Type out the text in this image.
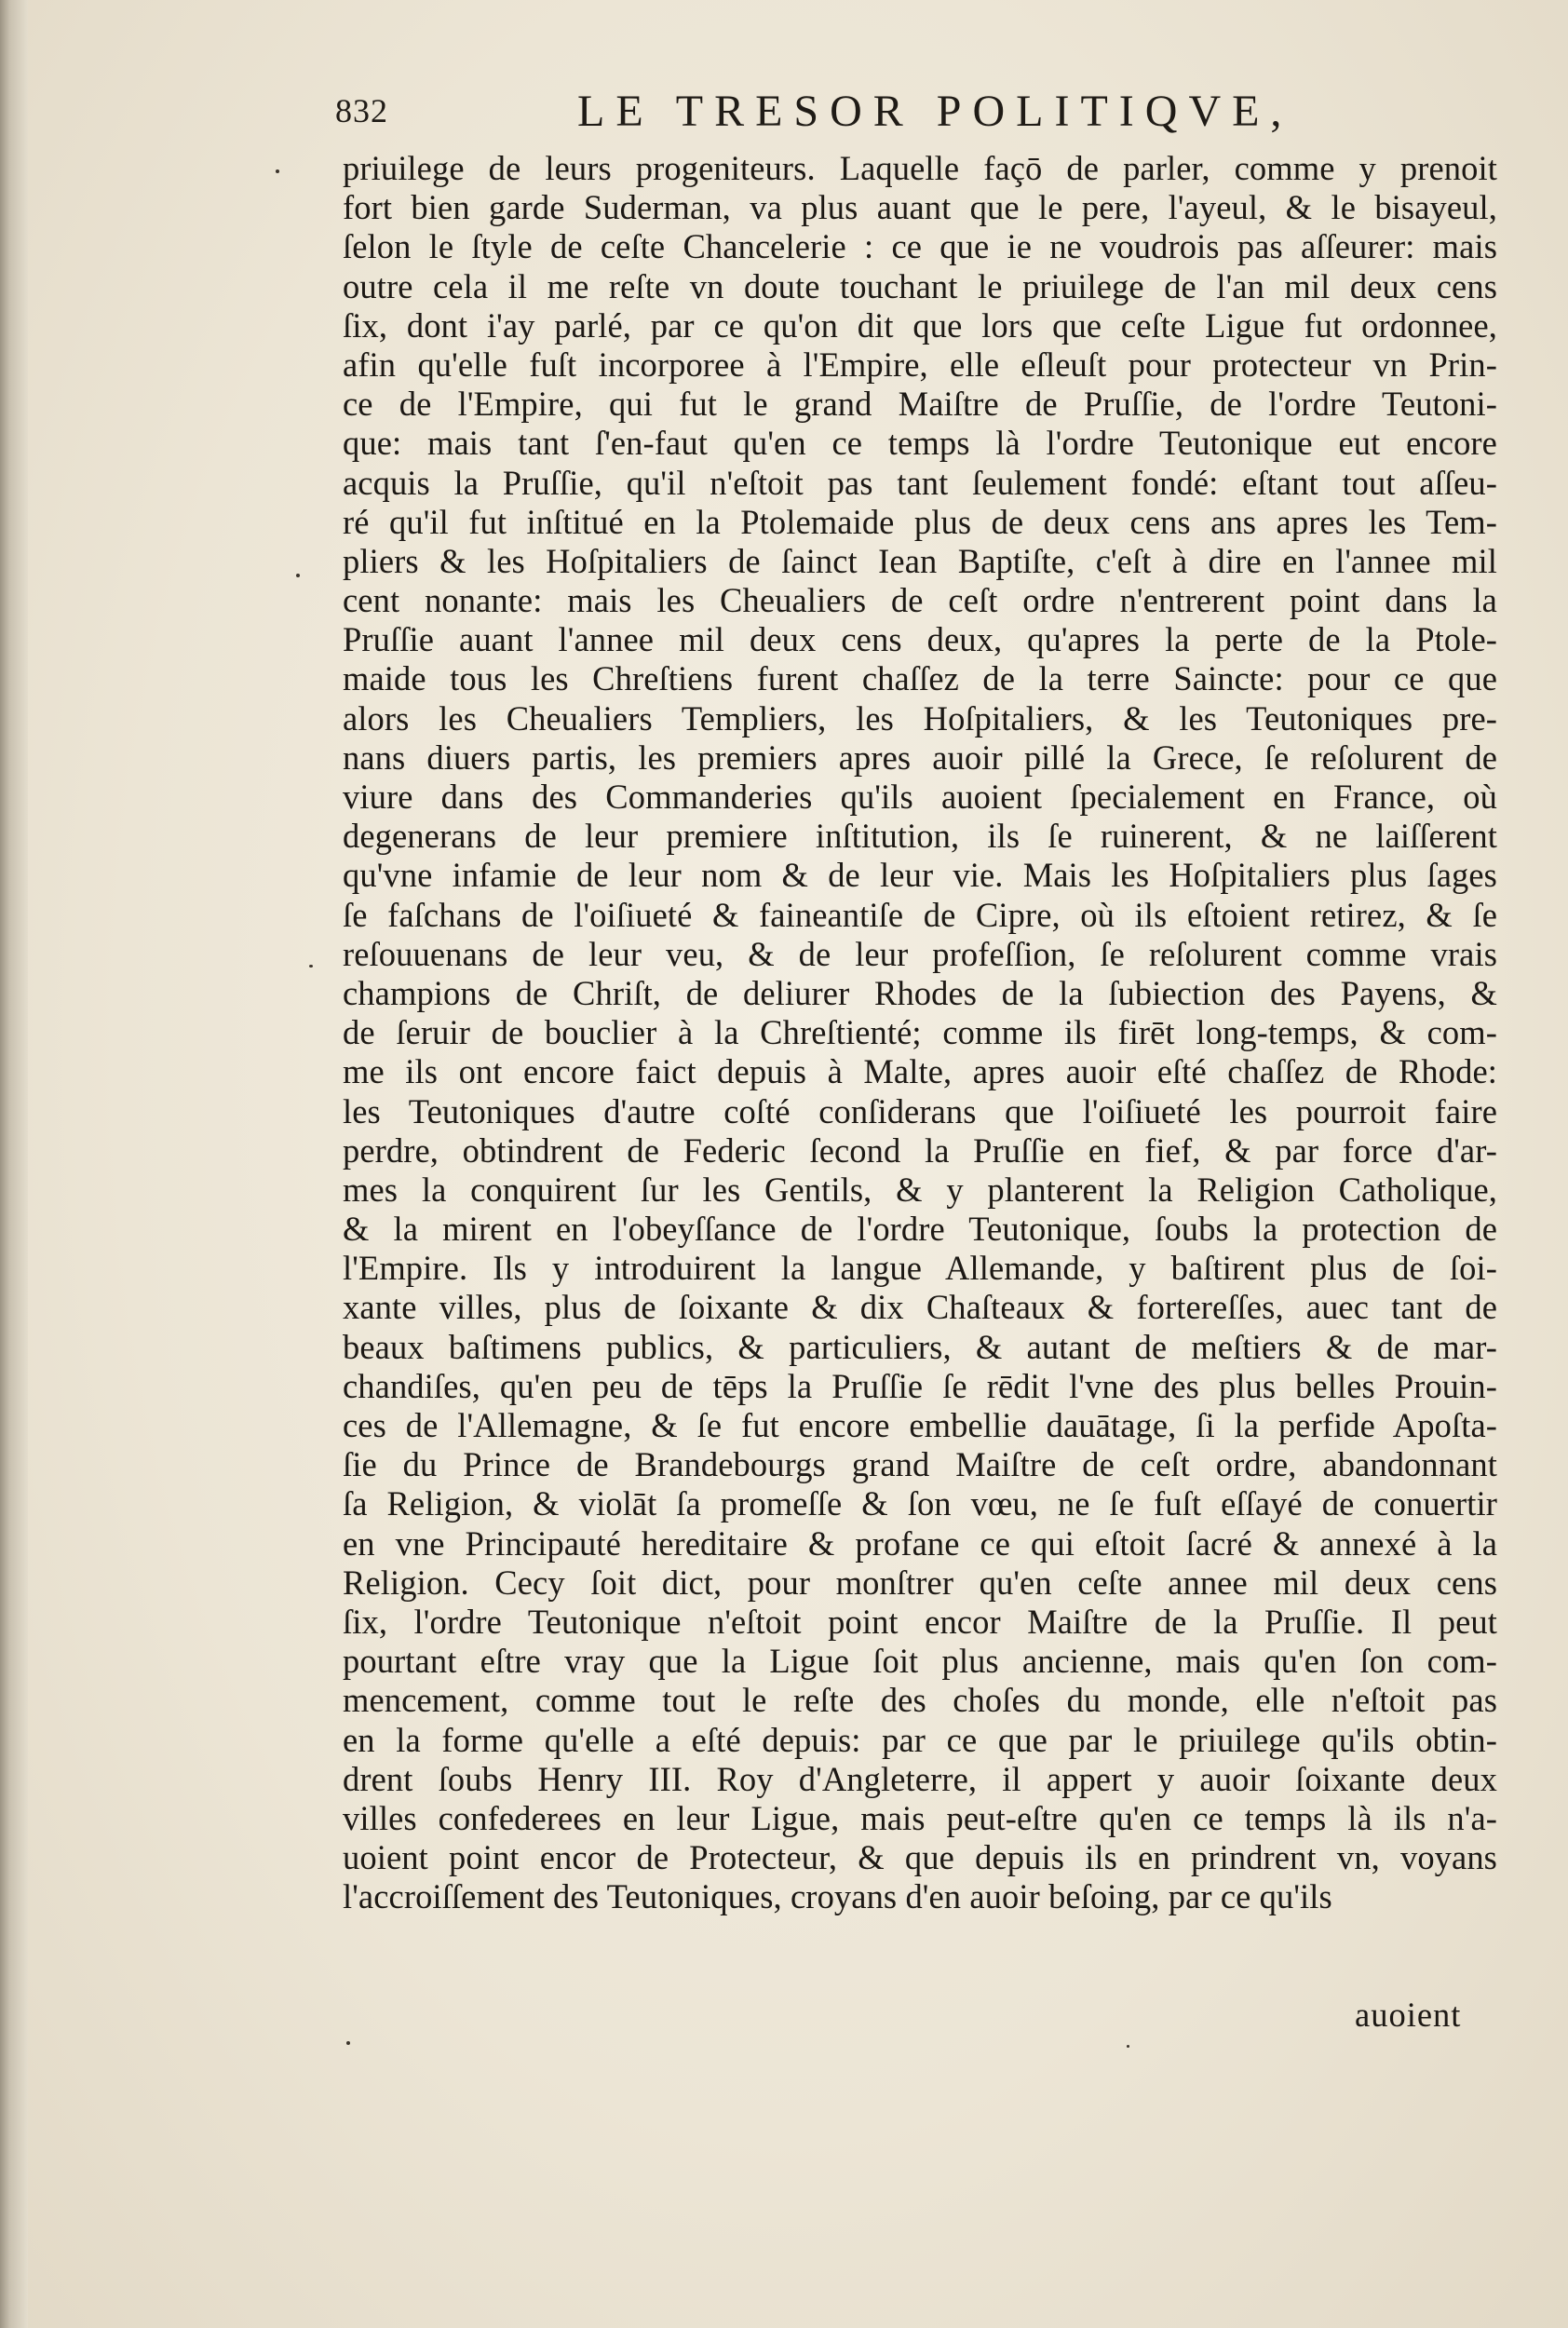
832	LE TRESOR POLITIQVE,
priuilege de leurs progeniteurs. Laquelle façō de parler, comme y prenoit
fort bien garde Suderman, va plus auant que le pere, l'ayeul, & le bisayeul,
ſelon le ſtyle de ceſte Chancelerie : ce que ie ne voudrois pas aſſeurer: mais
outre cela il me reſte vn doute touchant le priuilege de l'an mil deux cens
ſix, dont i'ay parlé, par ce qu'on dit que lors que ceſte Ligue fut ordonnee,
afin qu'elle fuſt incorporee à l'Empire, elle eſleuſt pour protecteur vn Prin-
ce de l'Empire, qui fut le grand Maiſtre de Pruſſie, de l'ordre Teutoni-
que: mais tant ſ'en-faut qu'en ce temps là l'ordre Teutonique eut encore
acquis la Pruſſie, qu'il n'eſtoit pas tant ſeulement fondé: eſtant tout aſſeu-
ré qu'il fut inſtitué en la Ptolemaide plus de deux cens ans apres les Tem-
pliers & les Hoſpitaliers de ſainct Iean Baptiſte, c'eſt à dire en l'annee mil
cent nonante: mais les Cheualiers de ceſt ordre n'entrerent point dans la
Pruſſie auant l'annee mil deux cens deux, qu'apres la perte de la Ptole-
maide tous les Chreſtiens furent chaſſez de la terre Saincte: pour ce que
alors les Cheualiers Templiers, les Hoſpitaliers, & les Teutoniques pre-
nans diuers partis, les premiers apres auoir pillé la Grece, ſe reſolurent de
viure dans des Commanderies qu'ils auoient ſpecialement en France, où
degenerans de leur premiere inſtitution, ils ſe ruinerent, & ne laiſſerent
qu'vne infamie de leur nom & de leur vie. Mais les Hoſpitaliers plus ſages
ſe faſchans de l'oiſiueté & faineantiſe de Cipre, où ils eſtoient retirez, & ſe
reſouuenans de leur veu, & de leur profeſſion, ſe reſolurent comme vrais
champions de Chriſt, de deliurer Rhodes de la ſubiection des Payens, &
de ſeruir de bouclier à la Chreſtienté; comme ils firēt long-temps, & com-
me ils ont encore faict depuis à Malte, apres auoir eſté chaſſez de Rhode:
les Teutoniques d'autre coſté conſiderans que l'oiſiueté les pourroit faire
perdre, obtindrent de Federic ſecond la Pruſſie en fief, & par force d'ar-
mes la conquirent ſur les Gentils, & y planterent la Religion Catholique,
& la mirent en l'obeyſſance de l'ordre Teutonique, ſoubs la protection de
l'Empire. Ils y introduirent la langue Allemande, y baſtirent plus de ſoi-
xante villes, plus de ſoixante & dix Chaſteaux & fortereſſes, auec tant de
beaux baſtimens publics, & particuliers, & autant de meſtiers & de mar-
chandiſes, qu'en peu de tēps la Pruſſie ſe rēdit l'vne des plus belles Prouin-
ces de l'Allemagne, & ſe fut encore embellie dauātage, ſi la perfide Apoſta-
ſie du Prince de Brandebourgs grand Maiſtre de ceſt ordre, abandonnant
ſa Religion, & violāt ſa promeſſe & ſon vœu, ne ſe fuſt eſſayé de conuertir
en vne Principauté hereditaire & profane ce qui eſtoit ſacré & annexé à la
Religion. Cecy ſoit dict, pour monſtrer qu'en ceſte annee mil deux cens
ſix, l'ordre Teutonique n'eſtoit point encor Maiſtre de la Pruſſie. Il peut
pourtant eſtre vray que la Ligue ſoit plus ancienne, mais qu'en ſon com-
mencement, comme tout le reſte des choſes du monde, elle n'eſtoit pas
en la forme qu'elle a eſté depuis: par ce que par le priuilege qu'ils obtin-
drent ſoubs Henry III. Roy d'Angleterre, il appert y auoir ſoixante deux
villes confederees en leur Ligue, mais peut-eſtre qu'en ce temps là ils n'a-
uoient point encor de Protecteur, & que depuis ils en prindrent vn, voyans
l'accroiſſement des Teutoniques, croyans d'en auoir beſoing, par ce qu'ils
auoient
